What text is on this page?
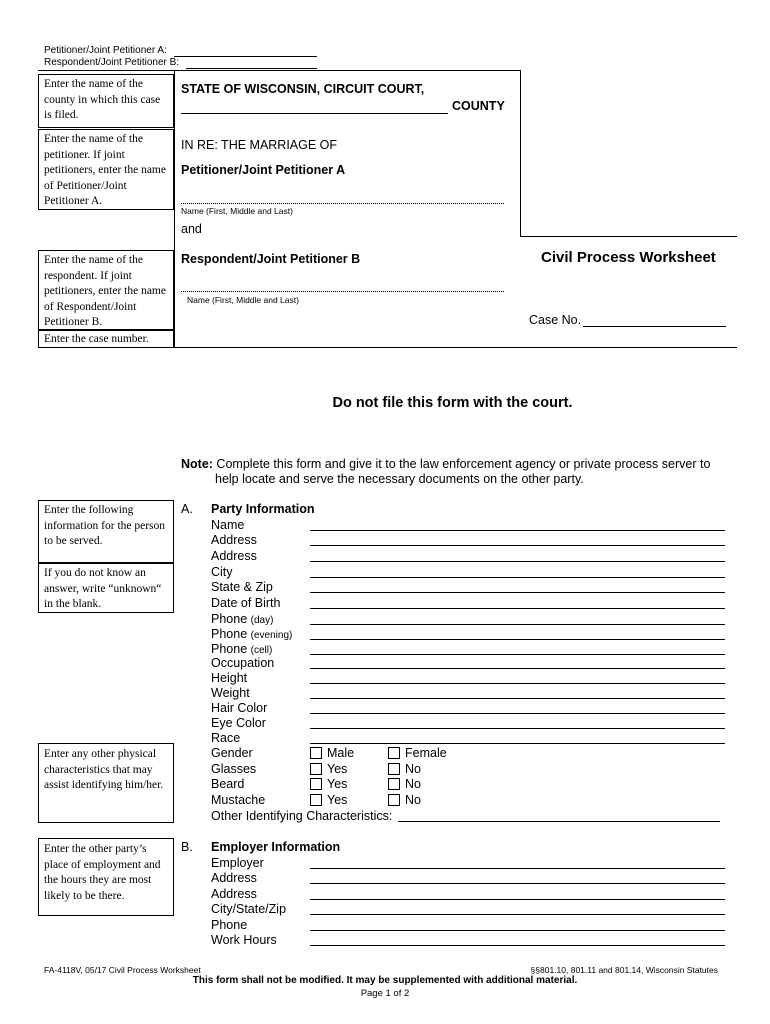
Petitioner/Joint Petitioner A:
Respondent/Joint Petitioner B:
Enter the name of the county in which this case is filed.
Enter the name of the petitioner. If joint petitioners, enter the name of Petitioner/Joint Petitioner A.
Enter the name of the respondent. If joint petitioners, enter the name of Respondent/Joint Petitioner B.
Enter the case number.
STATE OF WISCONSIN, CIRCUIT COURT,
COUNTY
IN RE: THE MARRIAGE OF
Petitioner/Joint Petitioner A
Name (First, Middle and Last)
and
Respondent/Joint Petitioner B
Name (First, Middle and Last)
Civil Process Worksheet
Case No.
Do not file this form with the court.
Note: Complete this form and give it to the law enforcement agency or private process server to
help locate and serve the necessary documents on the other party.
Enter the following information for the person to be served.
If you do not know an answer, write “unknown“ in the blank.
Enter any other physical characteristics that may assist identifying him/her.
Enter the other party’s place of employment and the hours they are most likely to be there.
A. Party Information
Name
Address
Address
City
State & Zip
Date of Birth
Phone (day)
Phone (evening)
Phone (cell)
Occupation
Height
Weight
Hair Color
Eye Color
Race
Gender	Male	Female
Glasses	Yes	No
Beard	Yes	No
Mustache	Yes	No
Other Identifying Characteristics:
B. Employer Information
Employer
Address
Address
City/State/Zip
Phone
Work Hours
FA-4118V, 05/17 Civil Process Worksheet	§§801.10, 801.11 and 801.14, Wisconsin Statutes
This form shall not be modified. It may be supplemented with additional material.
Page 1 of 2
